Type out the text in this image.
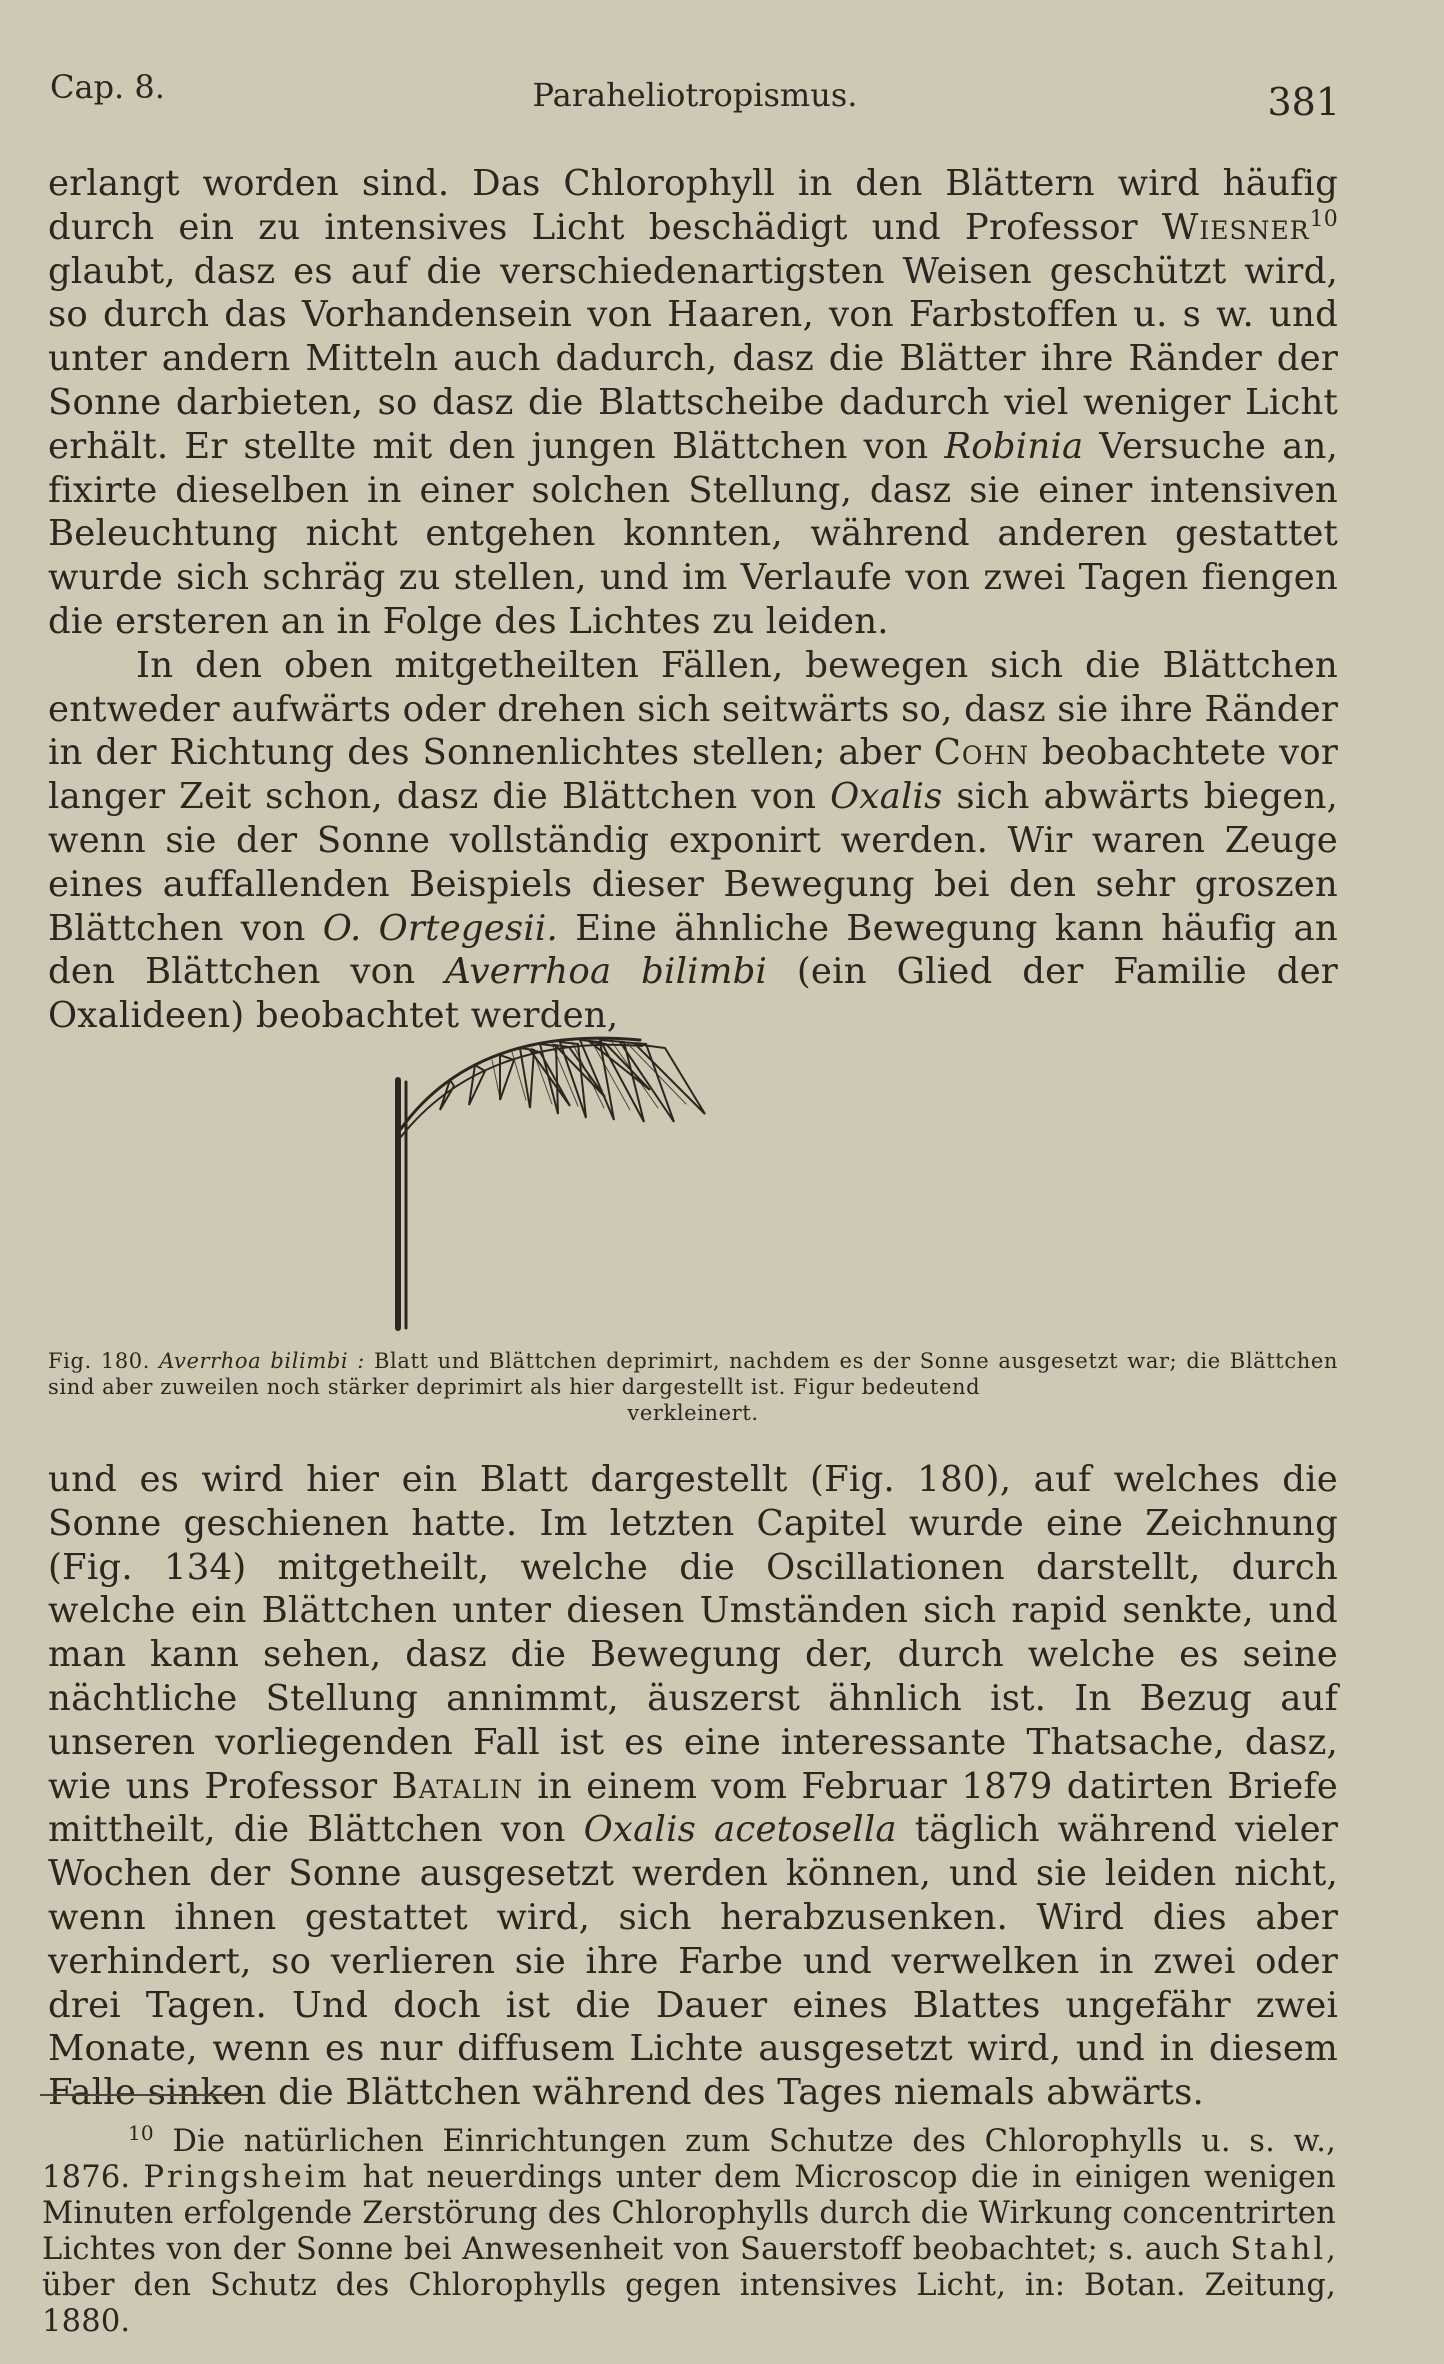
Cap. 8.	Paraheliotropismus.	381

erlangt worden sind. Das Chlorophyll in den Blättern wird häufig durch ein zu intensives Licht beschädigt und Professor Wiesner$^{10}$ glaubt, dasz es auf die verschiedenartigsten Weisen geschützt wird, so durch das Vorhandensein von Haaren, von Farbstoffen u. s w. und unter andern Mitteln auch dadurch, dasz die Blätter ihre Ränder der Sonne darbieten, so dasz die Blattscheibe dadurch viel weniger Licht erhält. Er stellte mit den jungen Blättchen von Robinia Versuche an, fixirte dieselben in einer solchen Stellung, dasz sie einer intensiven Beleuchtung nicht entgehen konnten, während anderen gestattet wurde sich schräg zu stellen, und im Verlaufe von zwei Tagen fiengen die ersteren an in Folge des Lichtes zu leiden.

In den oben mitgetheilten Fällen, bewegen sich die Blättchen entweder aufwärts oder drehen sich seitwärts so, dasz sie ihre Ränder in der Richtung des Sonnenlichtes stellen; aber Cohn beobachtete vor langer Zeit schon, dasz die Blättchen von Oxalis sich abwärts biegen, wenn sie der Sonne vollständig exponirt werden. Wir waren Zeuge eines auffallenden Beispiels dieser Bewegung bei den sehr groszen Blättchen von O. Ortegesii. Eine ähnliche Bewegung kann häufig an den Blättchen von Averrhoa bilimbi (ein Glied der Familie der Oxalideen) beobachtet werden,

Fig. 180. Averrhoa bilimbi : Blatt und Blättchen deprimirt, nachdem es der Sonne ausgesetzt war; die Blättchen sind aber zuweilen noch stärker deprimirt als hier dargestellt ist. Figur bedeutend
verkleinert.

und es wird hier ein Blatt dargestellt (Fig. 180), auf welches die Sonne geschienen hatte. Im letzten Capitel wurde eine Zeichnung (Fig. 134) mitgetheilt, welche die Oscillationen darstellt, durch welche ein Blättchen unter diesen Umständen sich rapid senkte, und man kann sehen, dasz die Bewegung der, durch welche es seine nächtliche Stellung annimmt, äuszerst ähnlich ist. In Bezug auf unseren vorliegenden Fall ist es eine interessante Thatsache, dasz, wie uns Professor Batalin in einem vom Februar 1879 datirten Briefe mittheilt, die Blättchen von Oxalis acetosella täglich während vieler Wochen der Sonne ausgesetzt werden können, und sie leiden nicht, wenn ihnen gestattet wird, sich herabzusenken. Wird dies aber verhindert, so verlieren sie ihre Farbe und verwelken in zwei oder drei Tagen. Und doch ist die Dauer eines Blattes ungefähr zwei Monate, wenn es nur diffusem Lichte ausgesetzt wird, und in diesem Falle sinken die Blättchen während des Tages niemals abwärts.

$^{10}$ Die natürlichen Einrichtungen zum Schutze des Chlorophylls u. s. w., 1876. Pringsheim hat neuerdings unter dem Microscop die in einigen wenigen Minuten erfolgende Zerstörung des Chlorophylls durch die Wirkung concentrirten Lichtes von der Sonne bei Anwesenheit von Sauerstoff beobachtet; s. auch Stahl, über den Schutz des Chlorophylls gegen intensives Licht, in: Botan. Zeitung, 1880.
